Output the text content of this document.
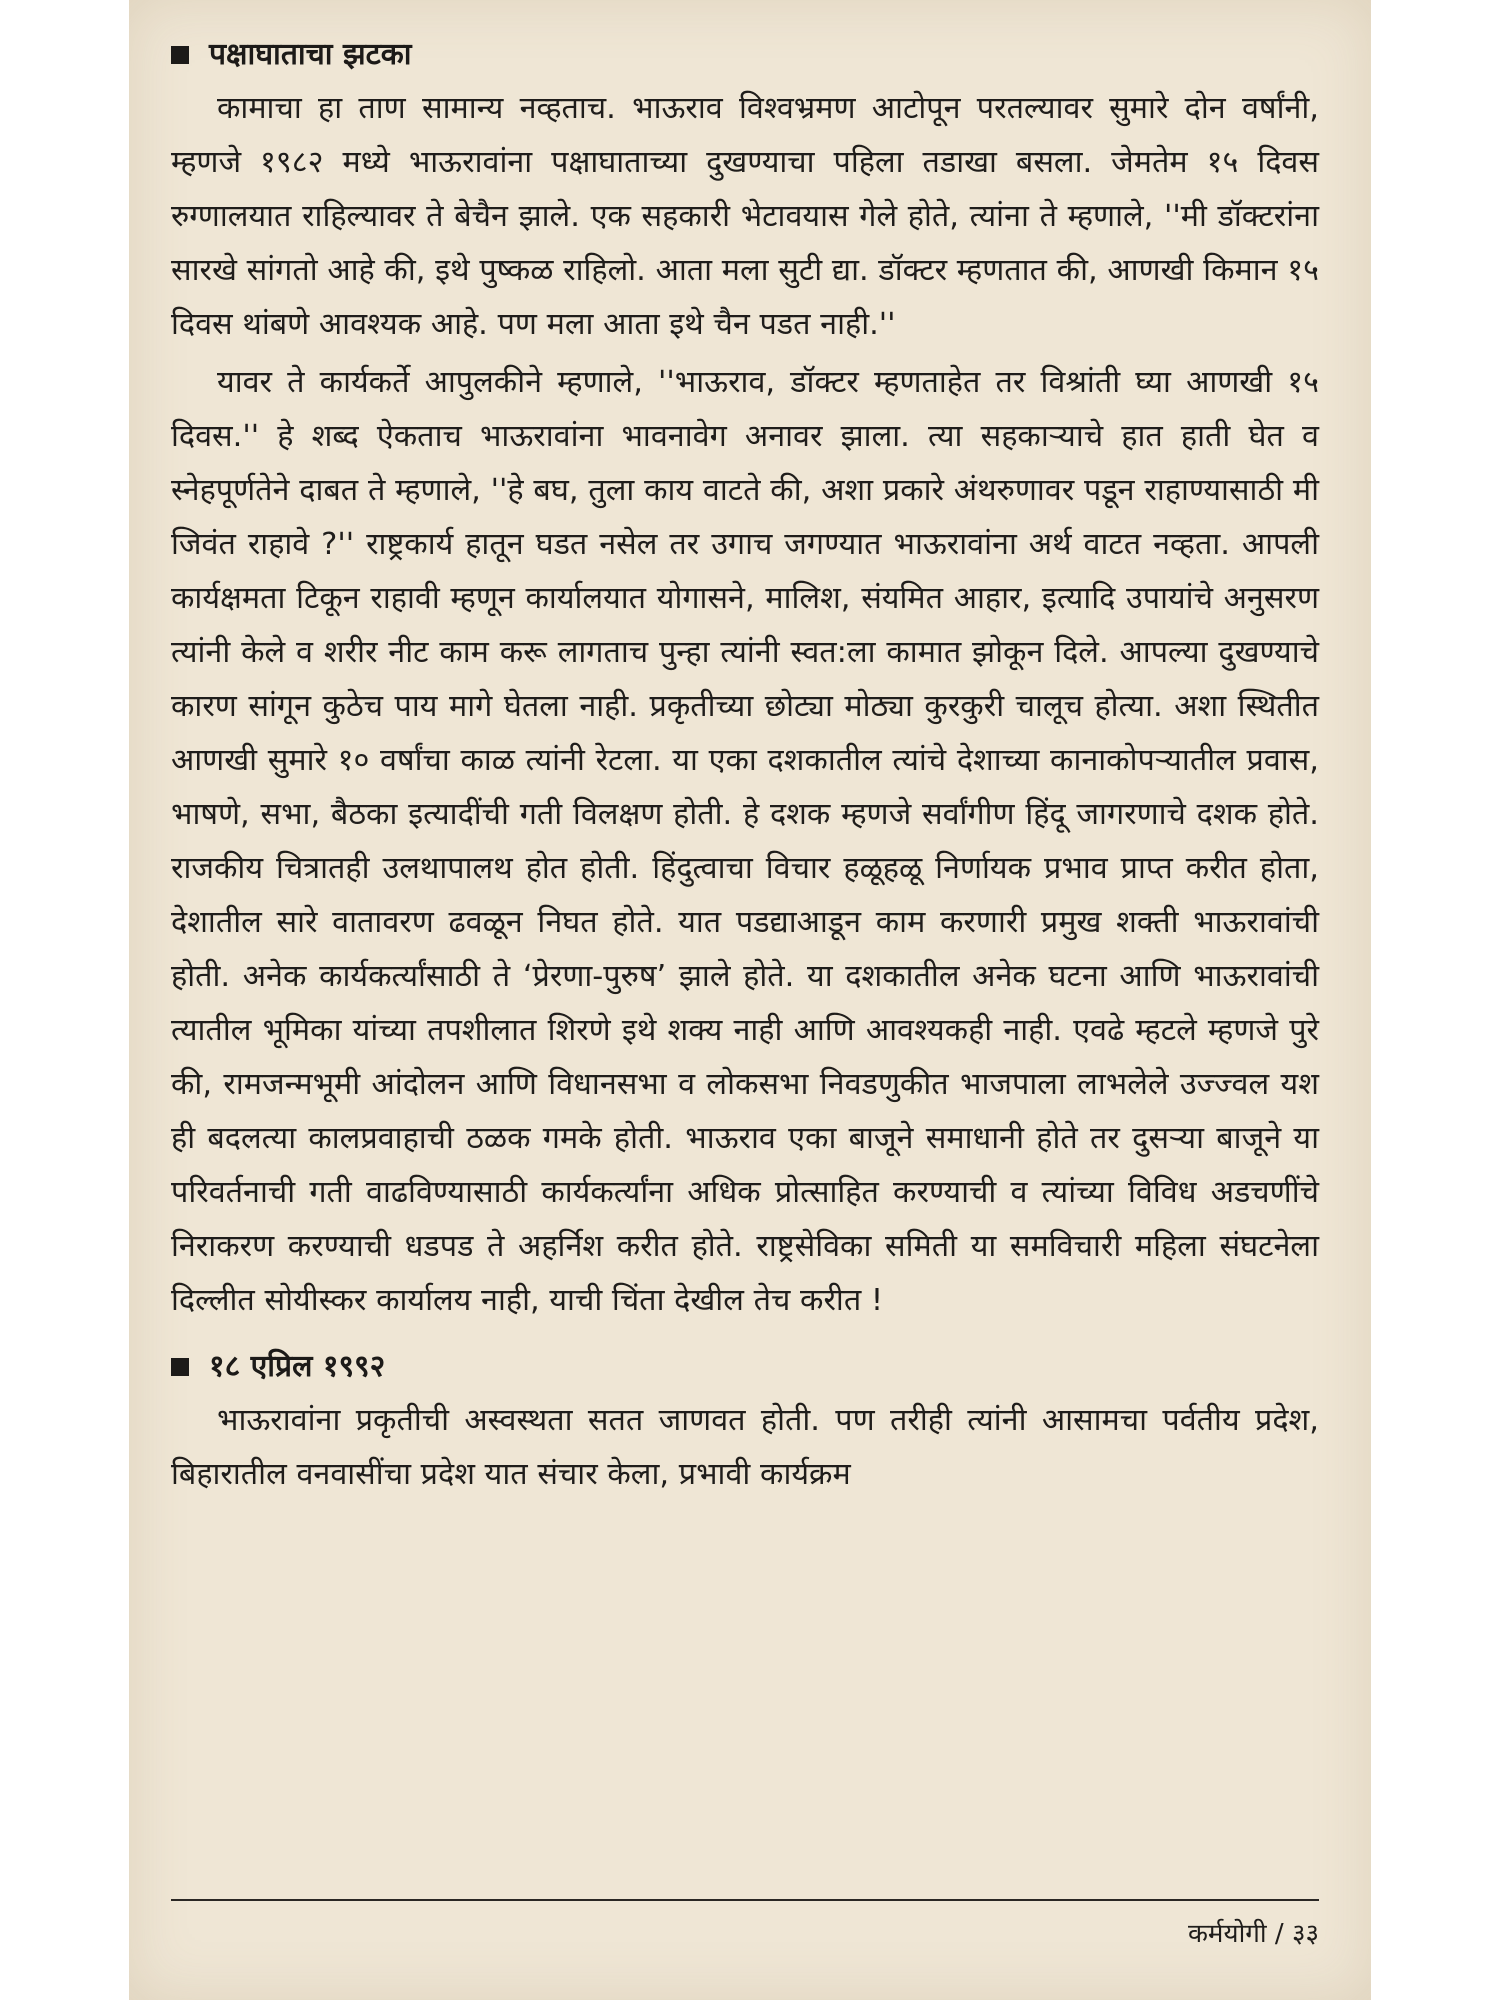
पक्षाघाताचा झटका

कामाचा हा ताण सामान्य नव्हताच. भाऊराव विश्वभ्रमण आटोपून परतल्यावर सुमारे दोन वर्षांनी, म्हणजे १९८२ मध्ये भाऊरावांना पक्षाघाताच्या दुखण्याचा पहिला तडाखा बसला. जेमतेम १५ दिवस रुग्णालयात राहिल्यावर ते बेचैन झाले. एक सहकारी भेटावयास गेले होते, त्यांना ते म्हणाले, ''मी डॉक्टरांना सारखे सांगतो आहे की, इथे पुष्कळ राहिलो. आता मला सुटी द्या. डॉक्टर म्हणतात की, आणखी किमान १५ दिवस थांबणे आवश्यक आहे. पण मला आता इथे चैन पडत नाही.''

यावर ते कार्यकर्ते आपुलकीने म्हणाले, ''भाऊराव, डॉक्टर म्हणताहेत तर विश्रांती घ्या आणखी १५ दिवस.'' हे शब्द ऐकताच भाऊरावांना भावनावेग अनावर झाला. त्या सहकाऱ्याचे हात हाती घेत व स्नेहपूर्णतेने दाबत ते म्हणाले, ''हे बघ, तुला काय वाटते की, अशा प्रकारे अंथरुणावर पडून राहाण्यासाठी मी जिवंत राहावे ?'' राष्ट्रकार्य हातून घडत नसेल तर उगाच जगण्यात भाऊरावांना अर्थ वाटत नव्हता. आपली कार्यक्षमता टिकून राहावी म्हणून कार्यालयात योगासने, मालिश, संयमित आहार, इत्यादि उपायांचे अनुसरण त्यांनी केले व शरीर नीट काम करू लागताच पुन्हा त्यांनी स्वत:ला कामात झोकून दिले. आपल्या दुखण्याचे कारण सांगून कुठेच पाय मागे घेतला नाही. प्रकृतीच्या छोट्या मोठ्या कुरकुरी चालूच होत्या. अशा स्थितीत आणखी सुमारे १० वर्षांचा काळ त्यांनी रेटला. या एका दशकातील त्यांचे देशाच्या कानाकोपऱ्यातील प्रवास, भाषणे, सभा, बैठका इत्यादींची गती विलक्षण होती. हे दशक म्हणजे सर्वांगीण हिंदू जागरणाचे दशक होते. राजकीय चित्रातही उलथापालथ होत होती. हिंदुत्वाचा विचार हळूहळू निर्णायक प्रभाव प्राप्त करीत होता, देशातील सारे वातावरण ढवळून निघत होते. यात पडद्याआडून काम करणारी प्रमुख शक्ती भाऊरावांची होती. अनेक कार्यकर्त्यांसाठी ते ‘प्रेरणा-पुरुष’ झाले होते. या दशकातील अनेक घटना आणि भाऊरावांची त्यातील भूमिका यांच्या तपशीलात शिरणे इथे शक्य नाही आणि आवश्यकही नाही. एवढे म्हटले म्हणजे पुरे की, रामजन्मभूमी आंदोलन आणि विधानसभा व लोकसभा निवडणुकीत भाजपाला लाभलेले उज्ज्वल यश ही बदलत्या कालप्रवाहाची ठळक गमके होती. भाऊराव एका बाजूने समाधानी होते तर दुसऱ्या बाजूने या परिवर्तनाची गती वाढविण्यासाठी कार्यकर्त्यांना अधिक प्रोत्साहित करण्याची व त्यांच्या विविध अडचणींचे निराकरण करण्याची धडपड ते अहर्निश करीत होते. राष्ट्रसेविका समिती या समविचारी महिला संघटनेला दिल्लीत सोयीस्कर कार्यालय नाही, याची चिंता देखील तेच करीत !

१८ एप्रिल १९९२

भाऊरावांना प्रकृतीची अस्वस्थता सतत जाणवत होती. पण तरीही त्यांनी आसामचा पर्वतीय प्रदेश, बिहारातील वनवासींचा प्रदेश यात संचार केला, प्रभावी कार्यक्रम

कर्मयोगी / ३३
